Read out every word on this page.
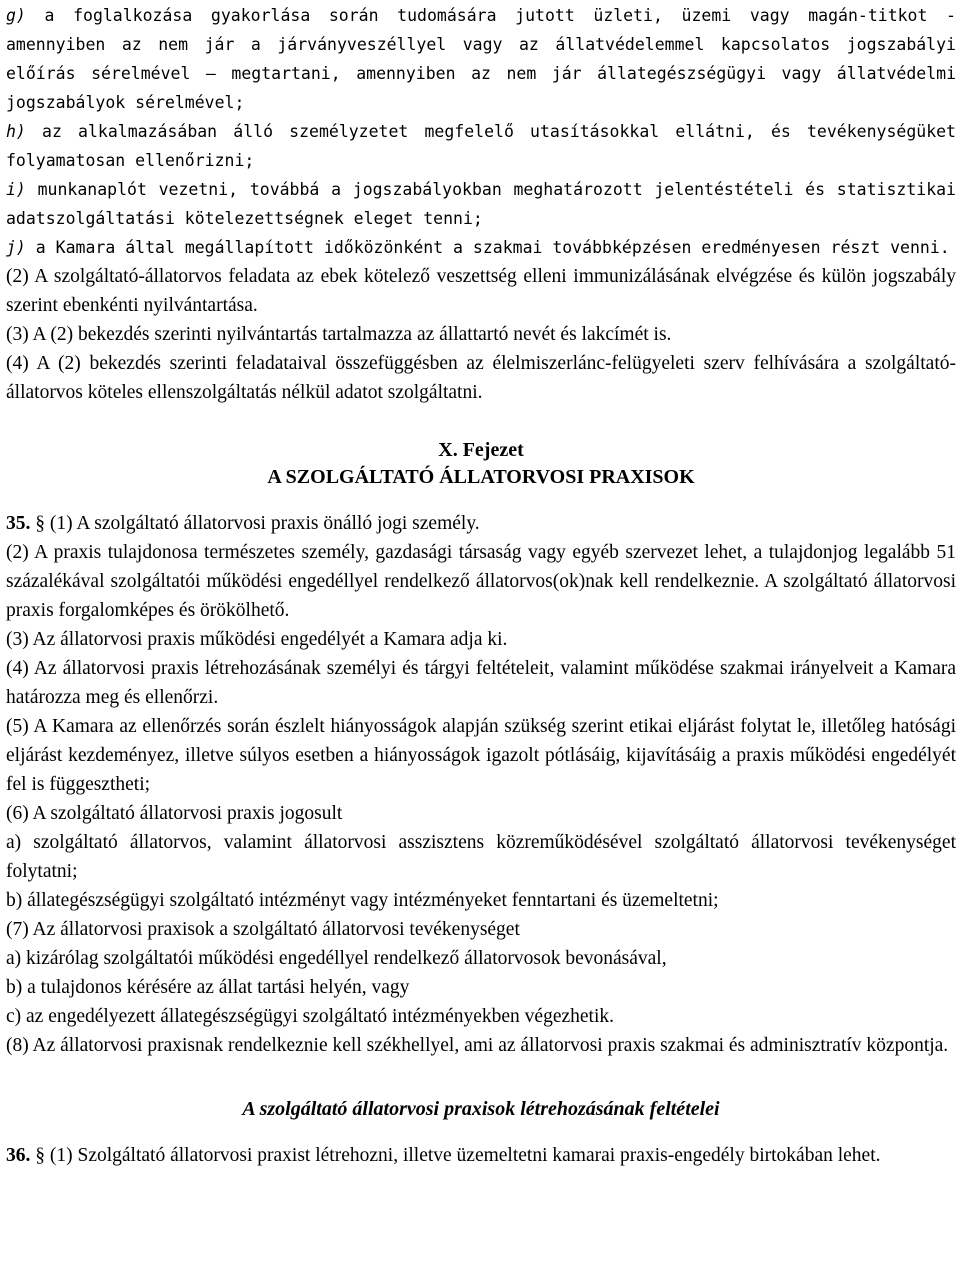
g) a foglalkozása gyakorlása során tudomására jutott üzleti, üzemi vagy magán-titkot - amennyiben az nem jár a járványveszéllyel vagy az állatvédelemmel kapcsolatos jogszabályi előírás sérelmével — megtartani, amennyiben az nem jár állategészségügyi vagy állatvédelmi jogszabályok sérelmével;

h) az alkalmazásában álló személyzetet megfelelő utasításokkal ellátni, és tevékenységüket folyamatosan ellenőrizni;

i) munkanaplót vezetni, továbbá a jogszabályokban meghatározott jelentéstételi és statisztikai adatszolgáltatási kötelezettségnek eleget tenni;

j) a Kamara által megállapított időközönként a szakmai továbbképzésen eredményesen részt venni.

(2) A szolgáltató-állatorvos feladata az ebek kötelező veszettség elleni immunizálásának elvégzése és külön jogszabály szerint ebenkénti nyilvántartása.

(3) A (2) bekezdés szerinti nyilvántartás tartalmazza az állattartó nevét és lakcímét is.

(4) A (2) bekezdés szerinti feladataival összefüggésben az élelmiszerlánc-felügyeleti szerv felhívására a szolgáltató-állatorvos köteles ellenszolgáltatás nélkül adatot szolgáltatni.

X. Fejezet

A SZOLGÁLTATÓ ÁLLATORVOSI PRAXISOK

35. § (1) A szolgáltató állatorvosi praxis önálló jogi személy.

(2) A praxis tulajdonosa természetes személy, gazdasági társaság vagy egyéb szervezet lehet, a tulajdonjog legalább 51 százalékával szolgáltatói működési engedéllyel rendelkező állatorvos(ok)nak kell rendelkeznie. A szolgáltató állatorvosi praxis forgalomképes és örökölhető.

(3) Az állatorvosi praxis működési engedélyét a Kamara adja ki.

(4) Az állatorvosi praxis létrehozásának személyi és tárgyi feltételeit, valamint működése szakmai irányelveit a Kamara határozza meg és ellenőrzi.

(5) A Kamara az ellenőrzés során észlelt hiányosságok alapján szükség szerint etikai eljárást folytat le, illetőleg hatósági eljárást kezdeményez, illetve súlyos esetben a hiányosságok igazolt pótlásáig, kijavításáig a praxis működési engedélyét fel is függesztheti;

(6) A szolgáltató állatorvosi praxis jogosult

a) szolgáltató állatorvos, valamint állatorvosi asszisztens közreműködésével szolgáltató állatorvosi tevékenységet folytatni;

b) állategészségügyi szolgáltató intézményt vagy intézményeket fenntartani és üzemeltetni;

(7) Az állatorvosi praxisok a szolgáltató állatorvosi tevékenységet

a) kizárólag szolgáltatói működési engedéllyel rendelkező állatorvosok bevonásával,

b) a tulajdonos kérésére az állat tartási helyén, vagy

c) az engedélyezett állategészségügyi szolgáltató intézményekben végezhetik.

(8) Az állatorvosi praxisnak rendelkeznie kell székhellyel, ami az állatorvosi praxis szakmai és adminisztratív központja.

A szolgáltató állatorvosi praxisok létrehozásának feltételei

36. § (1) Szolgáltató állatorvosi praxist létrehozni, illetve üzemeltetni kamarai praxis-engedély birtokában lehet.
